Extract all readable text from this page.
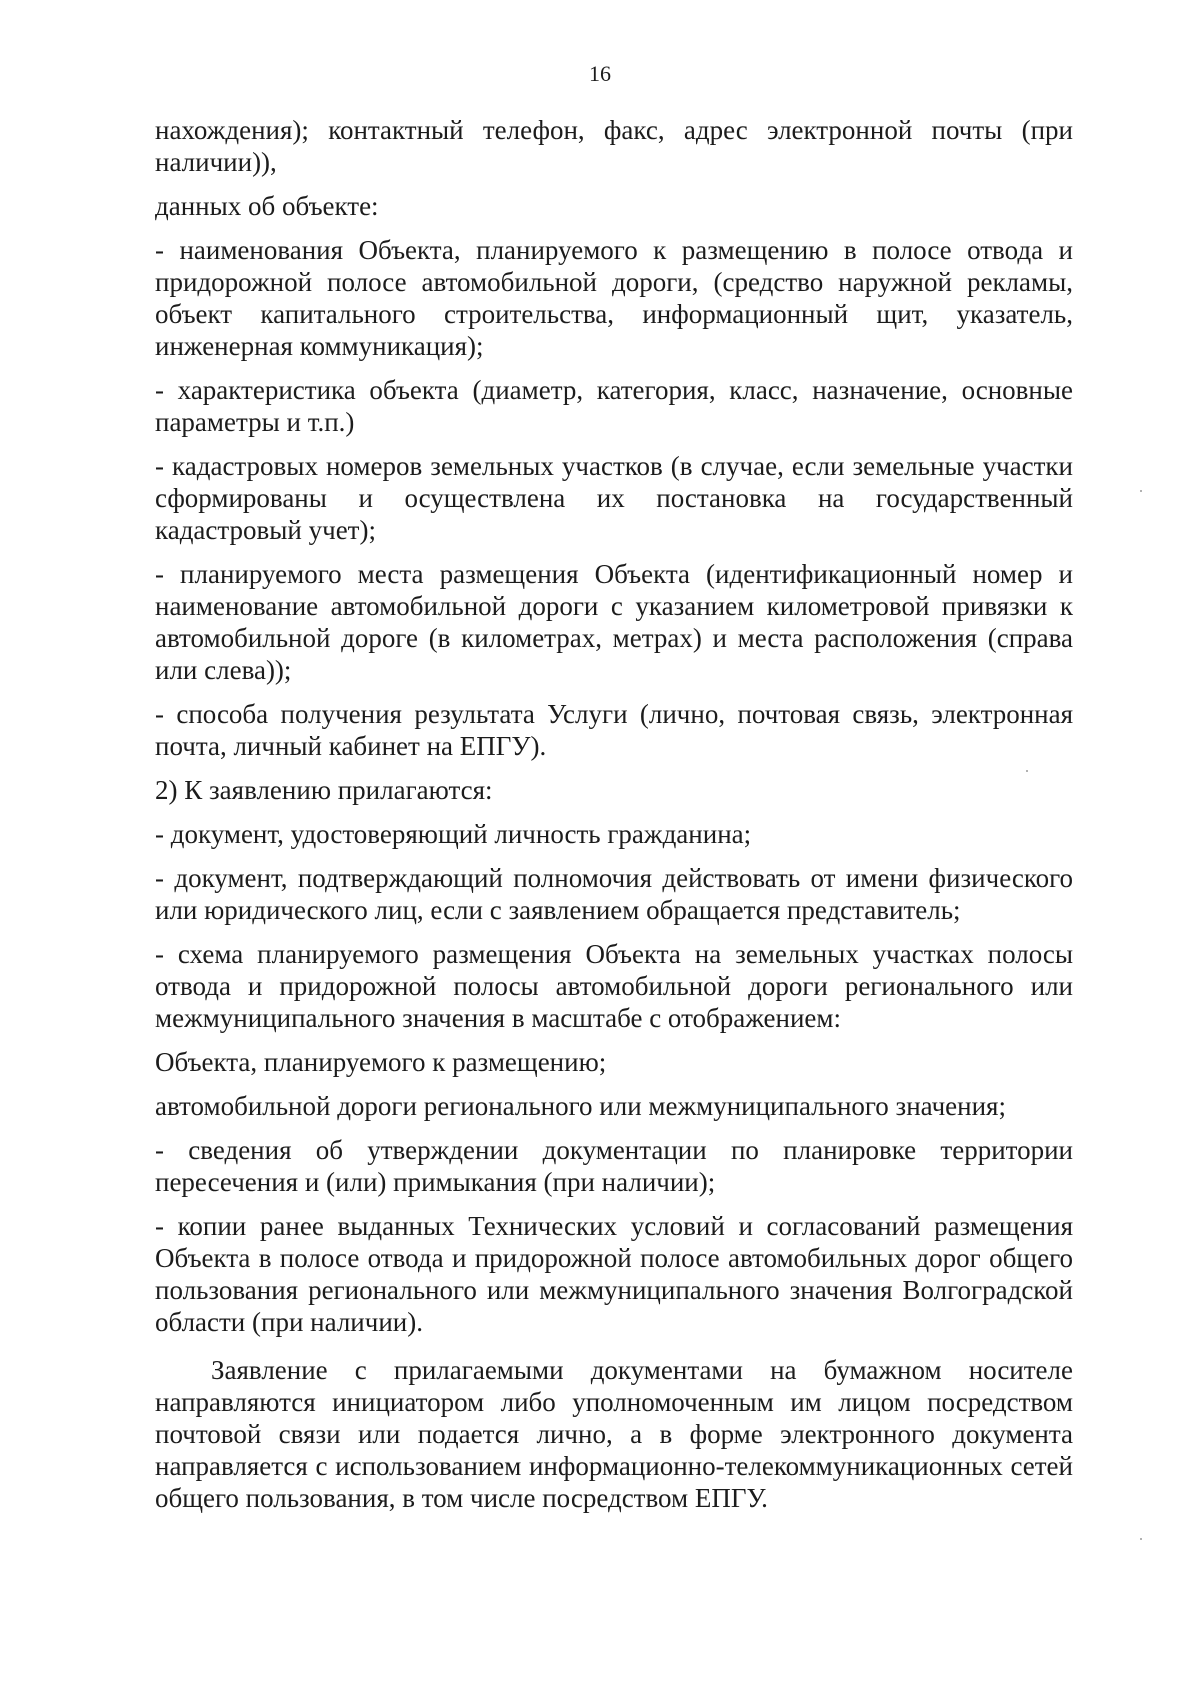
16

нахождения); контактный телефон, факс, адрес электронной почты (при наличии)),

данных об объекте:

- наименования Объекта, планируемого к размещению в полосе отвода и придорожной полосе автомобильной дороги, (средство наружной рекламы, объект капитального строительства, информационный щит, указатель, инженерная коммуникация);

- характеристика объекта (диаметр, категория, класс, назначение, основные параметры и т.п.)

- кадастровых номеров земельных участков (в случае, если земельные участки сформированы и осуществлена их постановка на государственный кадастровый учет);

- планируемого места размещения Объекта (идентификационный номер и наименование автомобильной дороги с указанием километровой привязки к автомобильной дороге (в километрах, метрах) и места расположения (справа или слева));

- способа получения результата Услуги (лично, почтовая связь, электронная почта, личный кабинет на ЕПГУ).

2) К заявлению прилагаются:

- документ, удостоверяющий личность гражданина;

- документ, подтверждающий полномочия действовать от имени физического или юридического лиц, если с заявлением обращается представитель;

- схема планируемого размещения Объекта на земельных участках полосы отвода и придорожной полосы автомобильной дороги регионального или межмуниципального значения в масштабе с отображением:

Объекта, планируемого к размещению;

автомобильной дороги регионального или межмуниципального значения;

- сведения об утверждении документации по планировке территории пересечения и (или) примыкания (при наличии);

- копии ранее выданных Технических условий и согласований размещения Объекта в полосе отвода и придорожной полосе автомобильных дорог общего пользования регионального или межмуниципального значения Волгоградской области (при наличии).

Заявление с прилагаемыми документами на бумажном носителе направляются инициатором либо уполномоченным им лицом посредством почтовой связи или подается лично, а в форме электронного документа направляется с использованием информационно-телекоммуникационных сетей общего пользования, в том числе посредством ЕПГУ.
